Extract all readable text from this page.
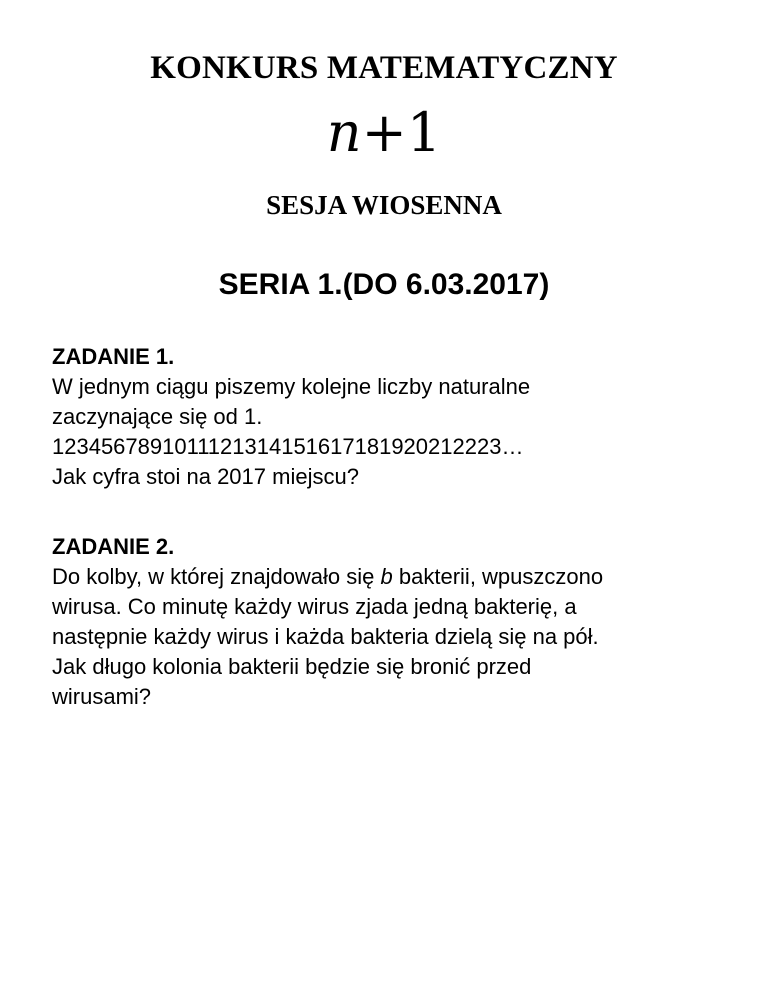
KONKURS MATEMATYCZNY
n+1
SESJA WIOSENNA
SERIA 1.(DO 6.03.2017)
ZADANIE 1.
W jednym ciągu piszemy kolejne liczby naturalne
zaczynające się od 1.
1234567891011121314151617181920212223…
Jak cyfra stoi na 2017 miejscu?
ZADANIE 2.
Do kolby, w której znajdowało się b bakterii, wpuszczono
wirusa. Co minutę każdy wirus zjada jedną bakterię, a
następnie każdy wirus i każda bakteria dzielą się na pół.
Jak długo kolonia bakterii będzie się bronić przed
wirusami?
